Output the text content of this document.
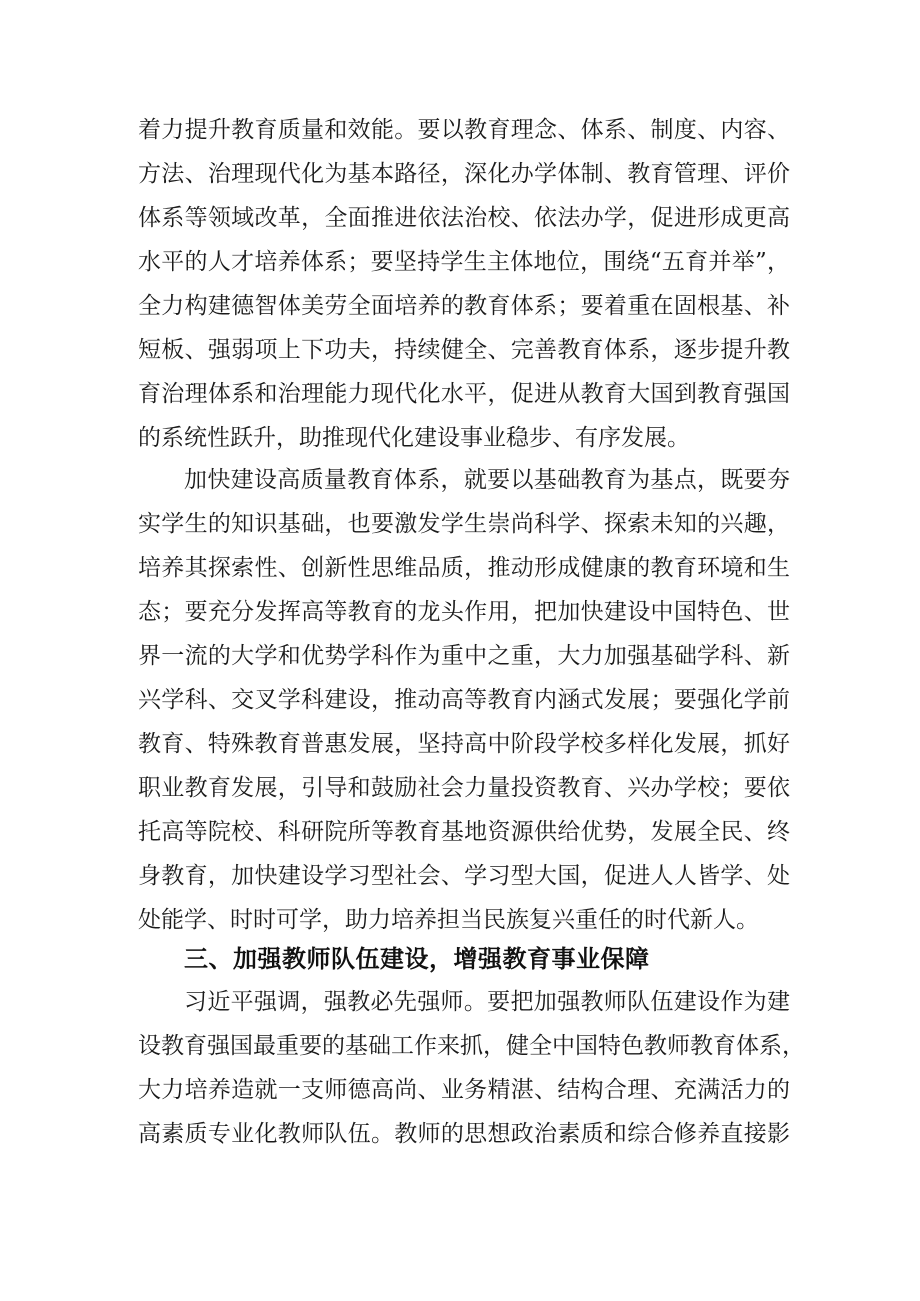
着力提升教育质量和效能。要以教育理念、体系、制度、内容、

方法、治理现代化为基本路径，深化办学体制、教育管理、评价

体系等领域改革，全面推进依法治校、依法办学，促进形成更高

水平的人才培养体系；要坚持学生主体地位，围绕“五育并举”，

全力构建德智体美劳全面培养的教育体系；要着重在固根基、补

短板、强弱项上下功夫，持续健全、完善教育体系，逐步提升教

育治理体系和治理能力现代化水平，促进从教育大国到教育强国

的系统性跃升，助推现代化建设事业稳步、有序发展。

加快建设高质量教育体系，就要以基础教育为基点，既要夯

实学生的知识基础，也要激发学生崇尚科学、探索未知的兴趣，

培养其探索性、创新性思维品质，推动形成健康的教育环境和生

态；要充分发挥高等教育的龙头作用，把加快建设中国特色、世

界一流的大学和优势学科作为重中之重，大力加强基础学科、新

兴学科、交叉学科建设，推动高等教育内涵式发展；要强化学前

教育、特殊教育普惠发展，坚持高中阶段学校多样化发展，抓好

职业教育发展，引导和鼓励社会力量投资教育、兴办学校；要依

托高等院校、科研院所等教育基地资源供给优势，发展全民、终

身教育，加快建设学习型社会、学习型大国，促进人人皆学、处

处能学、时时可学，助力培养担当民族复兴重任的时代新人。

三、加强教师队伍建设，增强教育事业保障

习近平强调，强教必先强师。要把加强教师队伍建设作为建

设教育强国最重要的基础工作来抓，健全中国特色教师教育体系，

大力培养造就一支师德高尚、业务精湛、结构合理、充满活力的

高素质专业化教师队伍。教师的思想政治素质和综合修养直接影
